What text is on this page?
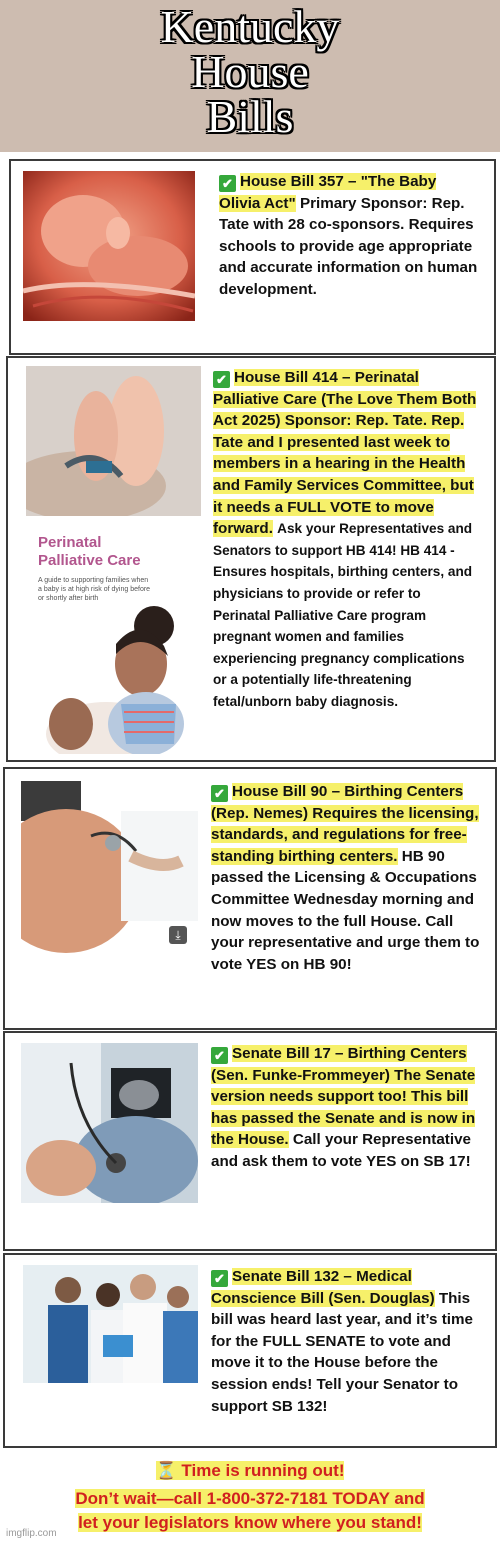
Kentucky
House
Bills
✔ House Bill 357 – "The Baby Olivia Act" Primary Sponsor: Rep. Tate with 28 co-sponsors. Requires schools to provide age appropriate and accurate information on human development.
Perinatal
Palliative Care
A guide to supporting families when a baby is at high risk of dying before or shortly after birth
✔ House Bill 414 – Perinatal Palliative Care (The Love Them Both Act 2025) Sponsor: Rep. Tate. Rep. Tate and I presented last week to members in a hearing in the Health and Family Services Committee, but it needs a FULL VOTE to move forward. Ask your Representatives and Senators to support HB 414! HB 414 - Ensures hospitals, birthing centers, and physicians to provide or refer to Perinatal Palliative Care program pregnant women and families experiencing pregnancy complications or a potentially life-threatening fetal/unborn baby diagnosis.
⤓
✔ House Bill 90 – Birthing Centers (Rep. Nemes) Requires the licensing, standards, and regulations for free-standing birthing centers. HB 90 passed the Licensing & Occupations Committee Wednesday morning and now moves to the full House. Call your representative and urge them to vote YES on HB 90!
✔ Senate Bill 17 – Birthing Centers (Sen. Funke-Frommeyer) The Senate version needs support too! This bill has passed the Senate and is now in the House. Call your Representative and ask them to vote YES on SB 17!
✔ Senate Bill 132 – Medical Conscience Bill (Sen. Douglas) This bill was heard last year, and it’s time for the FULL SENATE to vote and move it to the House before the session ends! Tell your Senator to support SB 132!
⏳ Time is running out!
Don’t wait—call 1-800-372-7181 TODAY and
let your legislators know where you stand!
imgflip.com
